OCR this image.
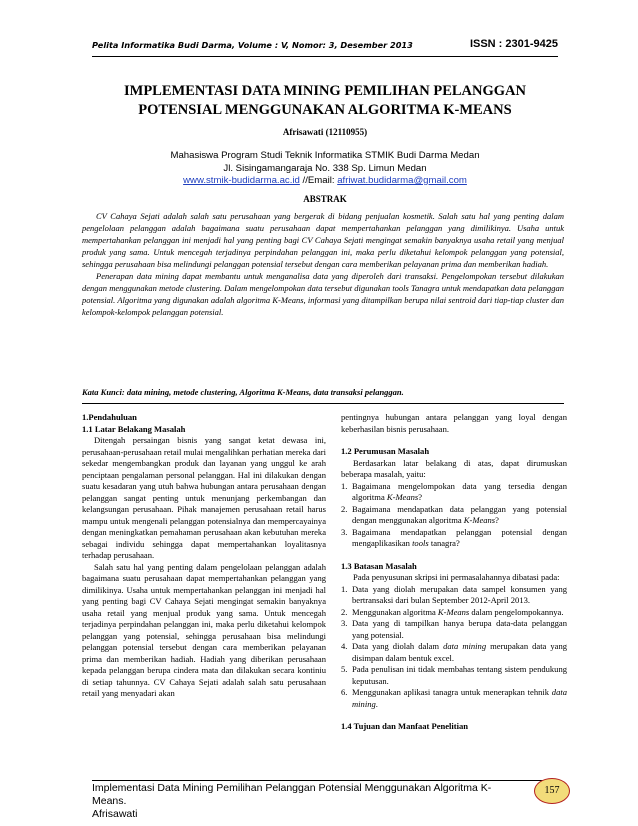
Pelita Informatika Budi Darma, Volume : V, Nomor: 3, Desember 2013	ISSN : 2301-9425
IMPLEMENTASI DATA MINING PEMILIHAN PELANGGAN
POTENSIAL MENGGUNAKAN ALGORITMA K-MEANS
Afrisawati (12110955)
Mahasiswa Program Studi Teknik Informatika STMIK Budi Darma Medan
Jl. Sisingamangaraja No. 338 Sp. Limun Medan
www.stmik-budidarma.ac.id //Email: afriwat.budidarma@gmail.com
ABSTRAK

CV Cahaya Sejati adalah salah satu perusahaan yang bergerak di bidang penjualan kosmetik. Salah satu hal yang penting dalam pengelolaan pelanggan adalah bagaimana suatu perusahaan dapat mempertahankan pelanggan yang dimilikinya. Usaha untuk mempertahankan pelanggan ini menjadi hal yang penting bagi CV Cahaya Sejati mengingat semakin banyaknya usaha retail yang menjual produk yang sama. Untuk mencegah terjadinya perpindahan pelanggan ini, maka perlu diketahui kelompok pelanggan yang potensial, sehingga perusahaan bisa melindungi pelanggan potensial tersebut dengan cara memberikan pelayanan prima dan memberikan hadiah.

Penerapan data mining dapat membantu untuk menganalisa data yang diperoleh dari transaksi. Pengelompokan tersebut dilakukan dengan menggunakan metode clustering. Dalam mengelompokan data tersebut digunakan tools Tanagra untuk mendapatkan data pelanggan potensial. Algoritma yang digunakan adalah algoritma K-Means, informasi yang ditampilkan berupa nilai sentroid dari tiap-tiap cluster dan kelompok-kelompok pelanggan potensial.

Kata Kunci: data mining, metode clustering, Algoritma K-Means, data transaksi pelanggan.

1.Pendahuluan

1.1 Latar Belakang Masalah

Ditengah persaingan bisnis yang sangat ketat dewasa ini, perusahaan-perusahaan retail mulai mengalihkan perhatian mereka dari sekedar mengembangkan produk dan layanan yang unggul ke arah penciptaan pengalaman personal pelanggan. Hal ini dilakukan dengan suatu kesadaran yang utuh bahwa hubungan antara perusahaan dengan pelanggan sangat penting untuk menunjang perkembangan dan kelangsungan perusahaan. Pihak manajemen perusahaan retail harus mampu untuk mengenali pelanggan potensialnya dan mempercayainya dengan meningkatkan pemahaman perusahaan akan kebutuhan mereka sebagai individu sehingga dapat mempertahankan loyalitasnya terhadap perusahaan.

Salah satu hal yang penting dalam pengelolaan pelanggan adalah bagaimana suatu perusahaan dapat mempertahankan pelanggan yang dimilikinya. Usaha untuk mempertahankan pelanggan ini menjadi hal yang penting bagi CV Cahaya Sejati mengingat semakin banyaknya usaha retail yang menjual produk yang sama. Untuk mencegah terjadinya perpindahan pelanggan ini, maka perlu diketahui kelompok pelanggan yang potensial, sehingga perusahaan bisa melindungi pelanggan potensial tersebut dengan cara memberikan pelayanan prima dan memberikan hadiah. Hadiah yang diberikan perusahaan kepada pelanggan berupa cindera mata dan dilakukan secara kontiniu di setiap tahunnya. CV Cahaya Sejati adalah salah satu perusahaan retail yang menyadari akan

pentingnya hubungan antara pelanggan yang loyal dengan keberhasilan bisnis perusahaan.

1.2 Perumusan Masalah

Berdasarkan latar belakang di atas, dapat dirumuskan beberapa masalah, yaitu:

1. Bagaimana mengelompokan data yang tersedia dengan algoritma K-Means?
2. Bagaimana mendapatkan data pelanggan yang potensial dengan menggunakan algoritma K-Means?
3. Bagaimana mendapatkan pelanggan potensial dengan mengaplikasikan tools tanagra?

1.3 Batasan Masalah

Pada penyusunan skripsi ini permasalahannya dibatasi pada:

1. Data yang diolah merupakan data sampel konsumen yang bertransaksi dari bulan September 2012-April 2013.
2. Menggunakan algoritma K-Means dalam pengelompokannya.
3. Data yang di tampilkan hanya berupa data-data pelanggan yang potensial.
4. Data yang diolah dalam data mining merupakan data yang disimpan dalam bentuk excel.
5. Pada penulisan ini tidak membahas tentang sistem pendukung keputusan.
6. Menggunakan aplikasi tanagra untuk menerapkan tehnik data mining.

1.4 Tujuan dan Manfaat Penelitian

Implementasi Data Mining Pemilihan Pelanggan Potensial Menggunakan Algoritma K-
Means.
Afrisawati
157
